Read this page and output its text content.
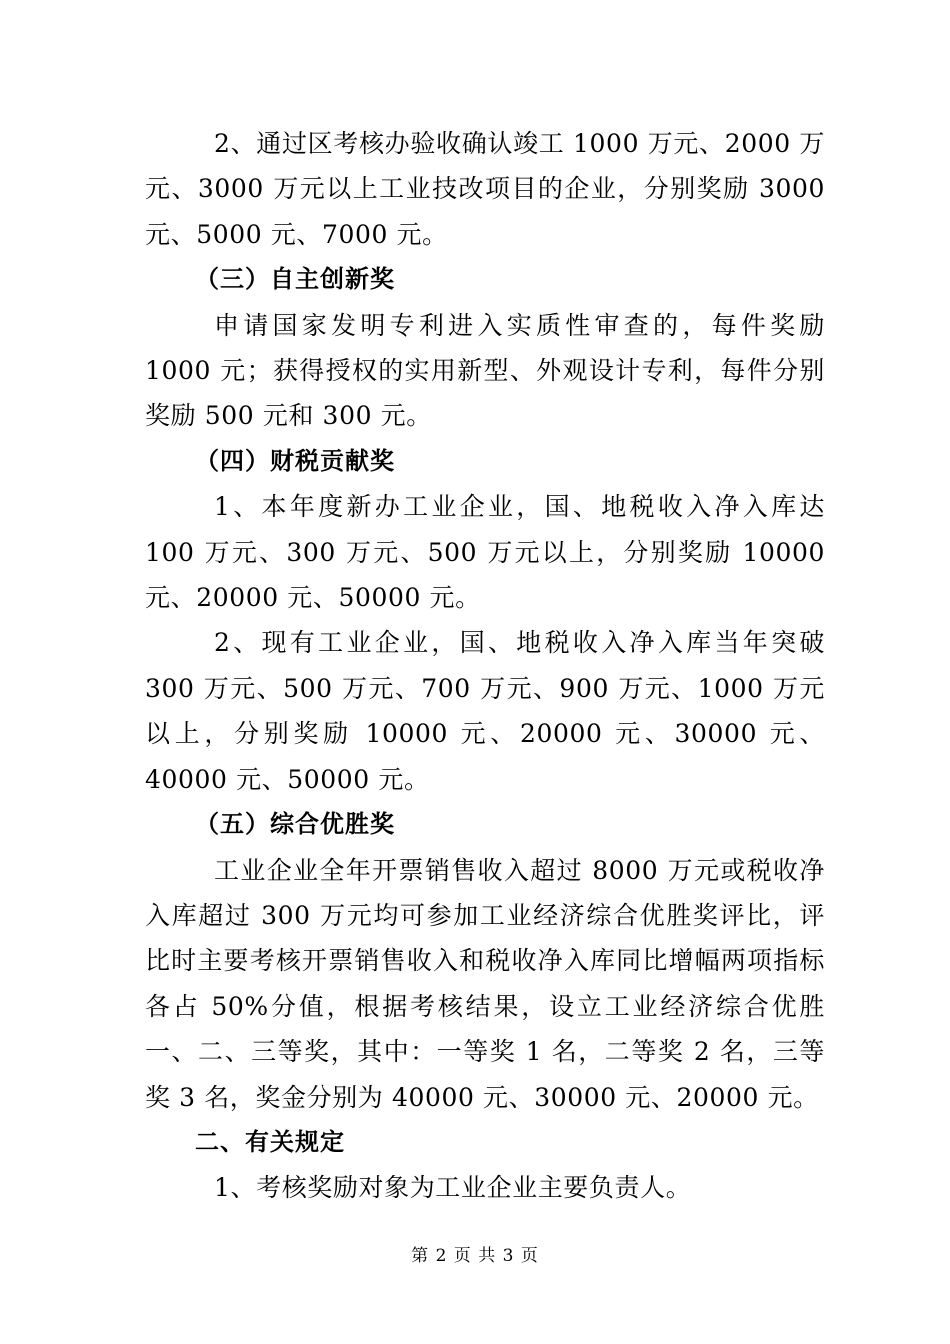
2、通过区考核办验收确认竣工 1000 万元、2000 万元、3000 万元以上工业技改项目的企业，分别奖励 3000 元、5000 元、7000 元。

（三）自主创新奖

申请国家发明专利进入实质性审查的，每件奖励 1000 元；获得授权的实用新型、外观设计专利，每件分别奖励 500 元和 300 元。

（四）财税贡献奖

1、本年度新办工业企业，国、地税收入净入库达 100 万元、300 万元、500 万元以上，分别奖励 10000 元、20000 元、50000 元。

2、现有工业企业，国、地税收入净入库当年突破 300 万元、500 万元、700 万元、900 万元、1000 万元以上，分别奖励 10000 元、20000 元、30000 元、40000 元、50000 元。

（五）综合优胜奖

工业企业全年开票销售收入超过 8000 万元或税收净入库超过 300 万元均可参加工业经济综合优胜奖评比，评比时主要考核开票销售收入和税收净入库同比增幅两项指标各占 50%分值，根据考核结果，设立工业经济综合优胜一、二、三等奖，其中：一等奖 1 名，二等奖 2 名，三等奖 3 名，奖金分别为 40000 元、30000 元、20000 元。

二、有关规定

1、考核奖励对象为工业企业主要负责人。

第 2 页 共 3 页
